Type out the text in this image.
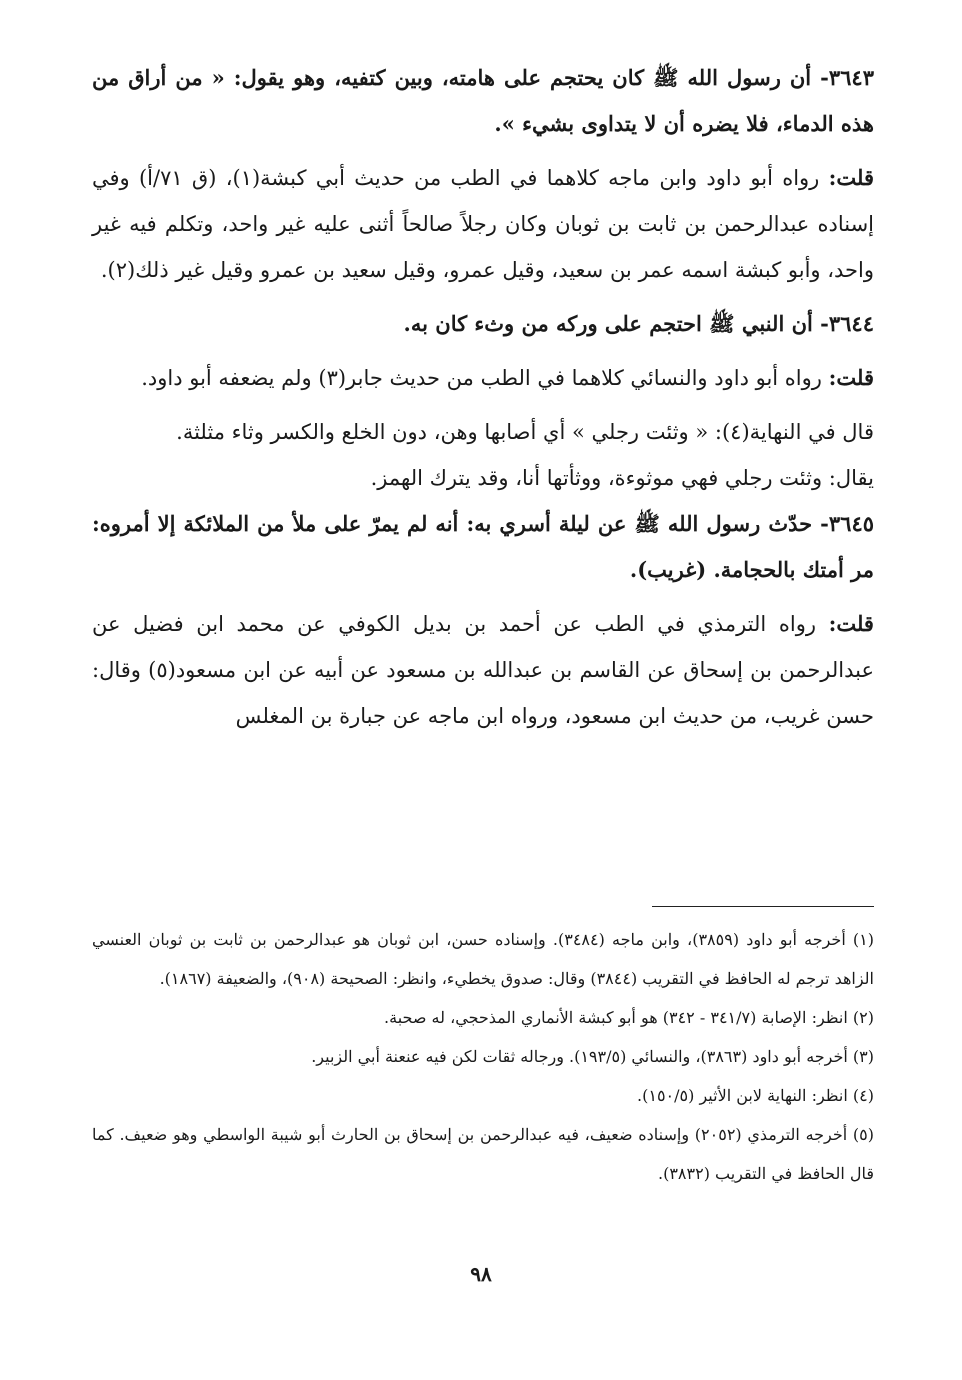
٣٦٤٣- أن رسول الله ﷺ كان يحتجم على هامته، وبين كتفيه، وهو يقول: « من أراق من هذه الدماء، فلا يضره أن لا يتداوى بشيء ».

قلت: رواه أبو داود وابن ماجه كلاهما في الطب من حديث أبي كبشة(١)، (ق ٧١/أ) وفي إسناده عبدالرحمن بن ثابت بن ثوبان وكان رجلاً صالحاً أثنى عليه غير واحد، وتكلم فيه غير واحد، وأبو كبشة اسمه عمر بن سعيد، وقيل عمرو، وقيل سعيد بن عمرو وقيل غير ذلك(٢).

٣٦٤٤- أن النبي ﷺ احتجم على وركه من وثء كان به.

قلت: رواه أبو داود والنسائي كلاهما في الطب من حديث جابر(٣) ولم يضعفه أبو داود.

قال في النهاية(٤): « وثئت رجلي » أي أصابها وهن، دون الخلع والكسر وثاء مثلثة.

يقال: وثئت رجلي فهي موثوءة، ووثأتها أنا، وقد يترك الهمز.

٣٦٤٥- حدّث رسول الله ﷺ عن ليلة أسري به: أنه لم يمرّ على ملأ من الملائكة إلا أمروه: مر أمتك بالحجامة. (غريب).

قلت: رواه الترمذي في الطب عن أحمد بن بديل الكوفي عن محمد ابن فضيل عن عبدالرحمن بن إسحاق عن القاسم بن عبدالله بن مسعود عن أبيه عن ابن مسعود(٥) وقال: حسن غريب، من حديث ابن مسعود، ورواه ابن ماجه عن جبارة بن المغلس

(١) أخرجه أبو داود (٣٨٥٩)، وابن ماجه (٣٤٨٤). وإسناده حسن، ابن ثوبان هو عبدالرحمن بن ثابت بن ثوبان العنسي الزاهد ترجم له الحافظ في التقريب (٣٨٤٤) وقال: صدوق يخطيء، وانظر: الصحيحة (٩٠٨)، والضعيفة (١٨٦٧).

(٢) انظر: الإصابة (٣٤١/٧ - ٣٤٢) هو أبو كبشة الأنماري المذحجي، له صحبة.

(٣) أخرجه أبو داود (٣٨٦٣)، والنسائي (١٩٣/٥). ورجاله ثقات لكن فيه عنعنة أبي الزبير.

(٤) انظر: النهاية لابن الأثير (١٥٠/٥).

(٥) أخرجه الترمذي (٢٠٥٢) وإسناده ضعيف، فيه عبدالرحمن بن إسحاق بن الحارث أبو شيبة الواسطي وهو ضعيف. كما قال الحافظ في التقريب (٣٨٣٢).

٩٨
